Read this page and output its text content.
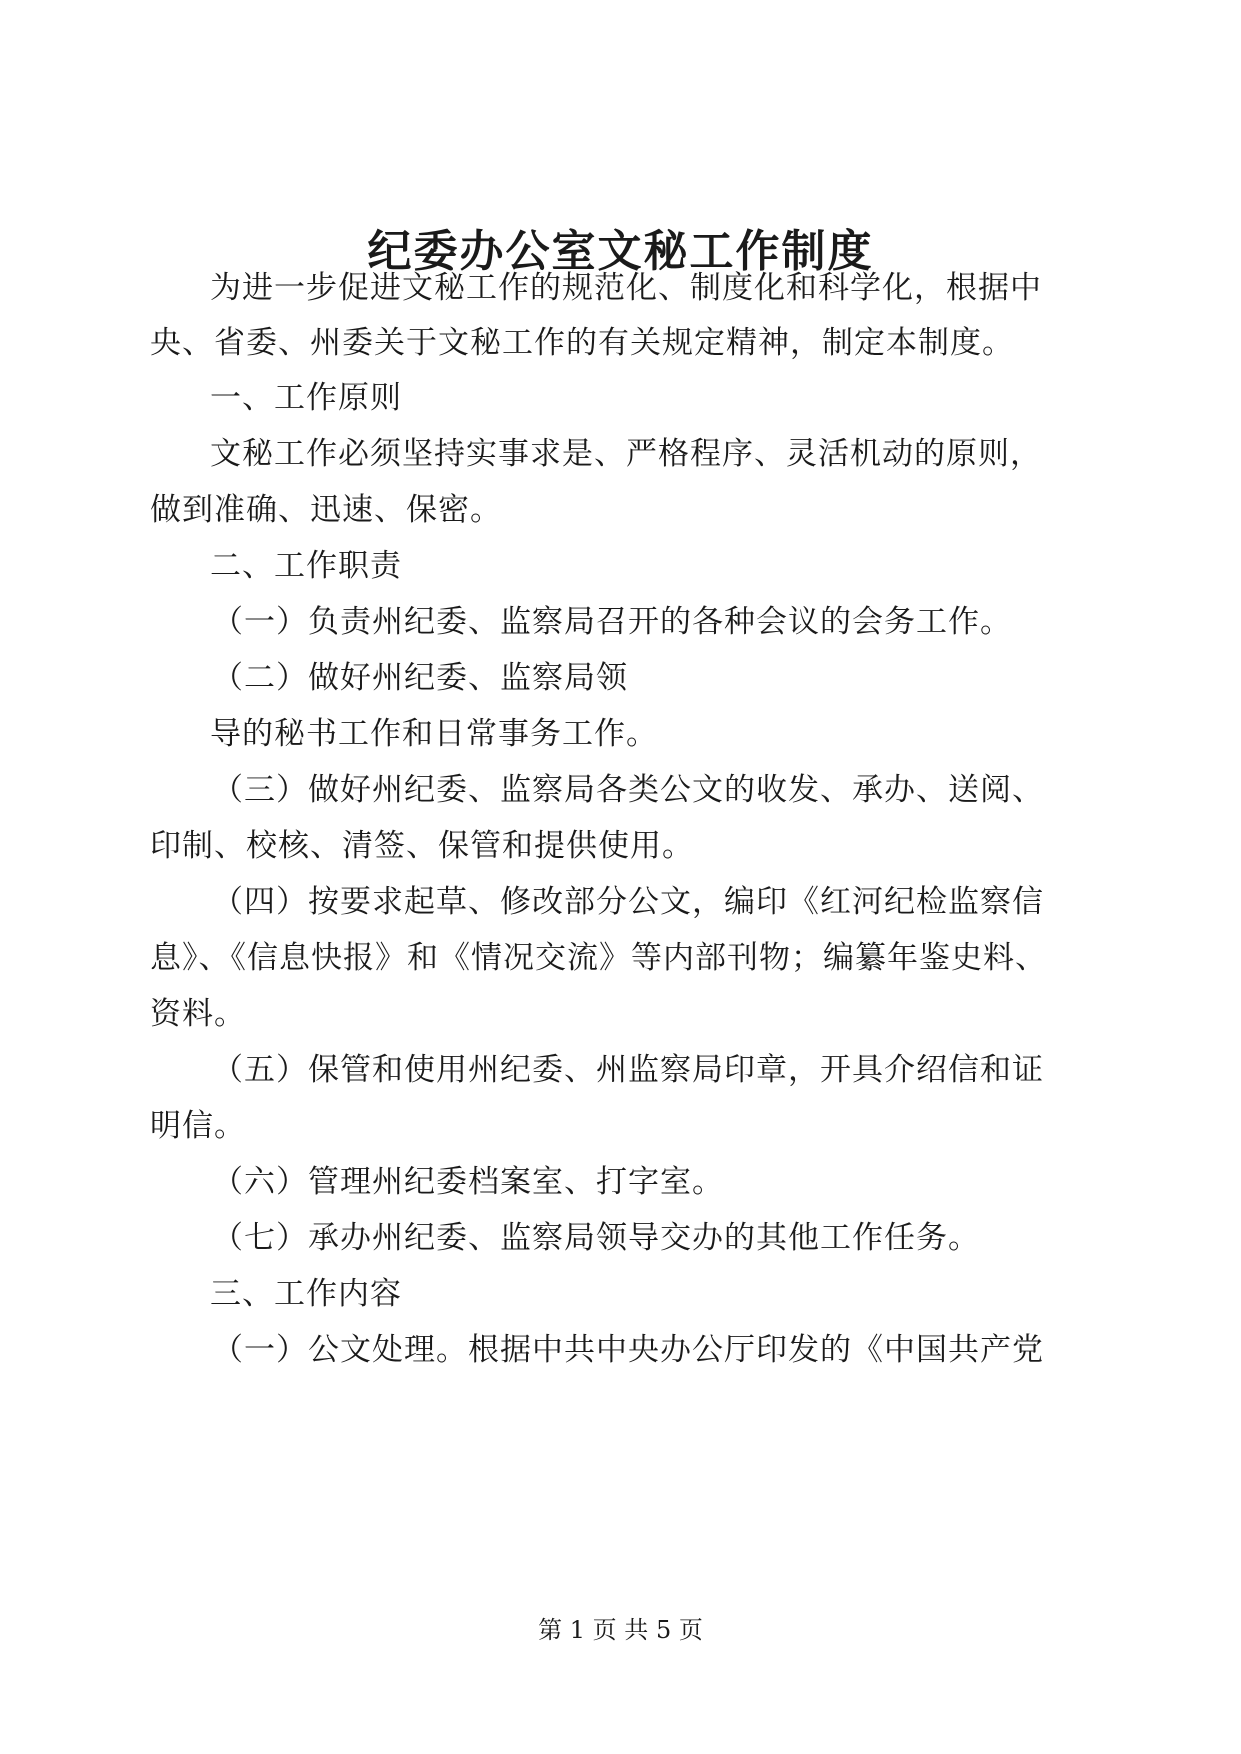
纪委办公室文秘工作制度

为进一步促进文秘工作的规范化、制度化和科学化，根据中

央、省委、州委关于文秘工作的有关规定精神，制定本制度。

一、工作原则

文秘工作必须坚持实事求是、严格程序、灵活机动的原则，

做到准确、迅速、保密。

二、工作职责

（一）负责州纪委、监察局召开的各种会议的会务工作。

（二）做好州纪委、监察局领

导的秘书工作和日常事务工作。

（三）做好州纪委、监察局各类公文的收发、承办、送阅、

印制、校核、清签、保管和提供使用。

（四）按要求起草、修改部分公文，编印《红河纪检监察信

息》、《信息快报》和《情况交流》等内部刊物；编纂年鉴史料、

资料。

（五）保管和使用州纪委、州监察局印章，开具介绍信和证

明信。

（六）管理州纪委档案室、打字室。

（七）承办州纪委、监察局领导交办的其他工作任务。

三、工作内容

（一）公文处理。根据中共中央办公厅印发的《中国共产党

第 1 页 共 5 页
